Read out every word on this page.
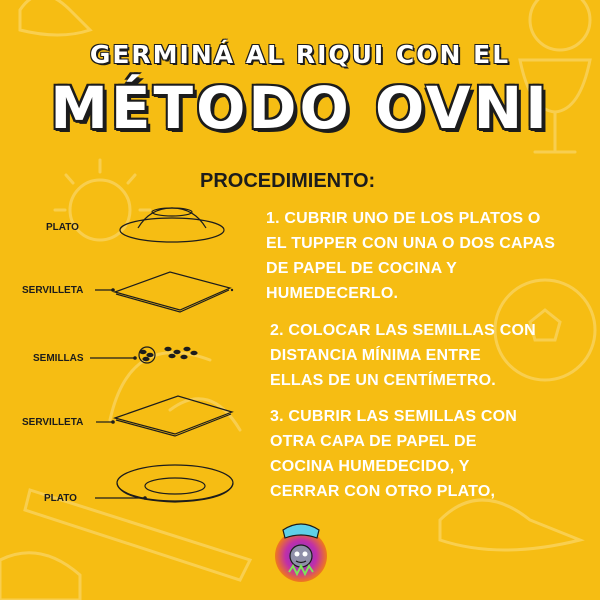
GERMINÁ AL RIQUI CON EL
MÉTODO OVNI
PROCEDIMIENTO:
PLATO
SERVILLETA
SEMILLAS
SERVILLETA
PLATO
1. CUBRIR UNO DE LOS PLATOS O
EL TUPPER CON UNA O DOS CAPAS
DE PAPEL DE COCINA Y
HUMEDECERLO.
2. COLOCAR LAS SEMILLAS CON
DISTANCIA MÍNIMA ENTRE
ELLAS DE UN CENTÍMETRO.
3. CUBRIR LAS SEMILLAS CON
OTRA CAPA DE PAPEL DE
COCINA HUMEDECIDO, Y
CERRAR CON OTRO PLATO,
